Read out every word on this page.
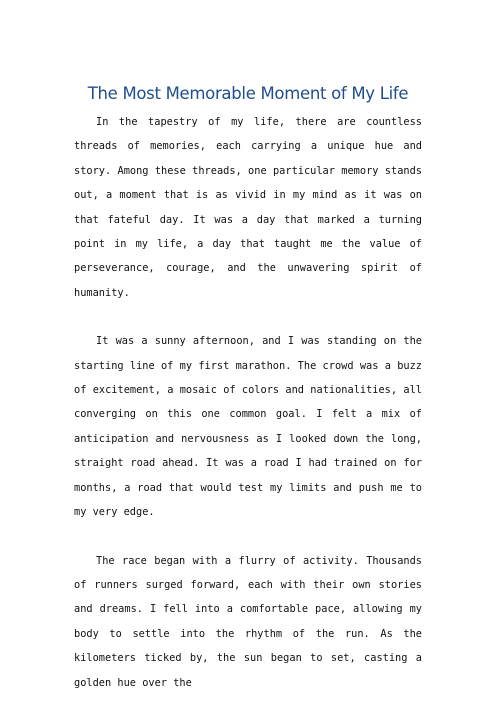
The Most Memorable Moment of My Life

In the tapestry of my life, there are countless threads of memories, each carrying a unique hue and story. Among these threads, one particular memory stands out, a moment that is as vivid in my mind as it was on that fateful day. It was a day that marked a turning point in my life, a day that taught me the value of perseverance, courage, and the unwavering spirit of humanity.

It was a sunny afternoon, and I was standing on the starting line of my first marathon. The crowd was a buzz of excitement, a mosaic of colors and nationalities, all converging on this one common goal. I felt a mix of anticipation and nervousness as I looked down the long, straight road ahead. It was a road I had trained on for months, a road that would test my limits and push me to my very edge.

The race began with a flurry of activity. Thousands of runners surged forward, each with their own stories and dreams. I fell into a comfortable pace, allowing my body to settle into the rhythm of the run. As the kilometers ticked by, the sun began to set, casting a golden hue over the
